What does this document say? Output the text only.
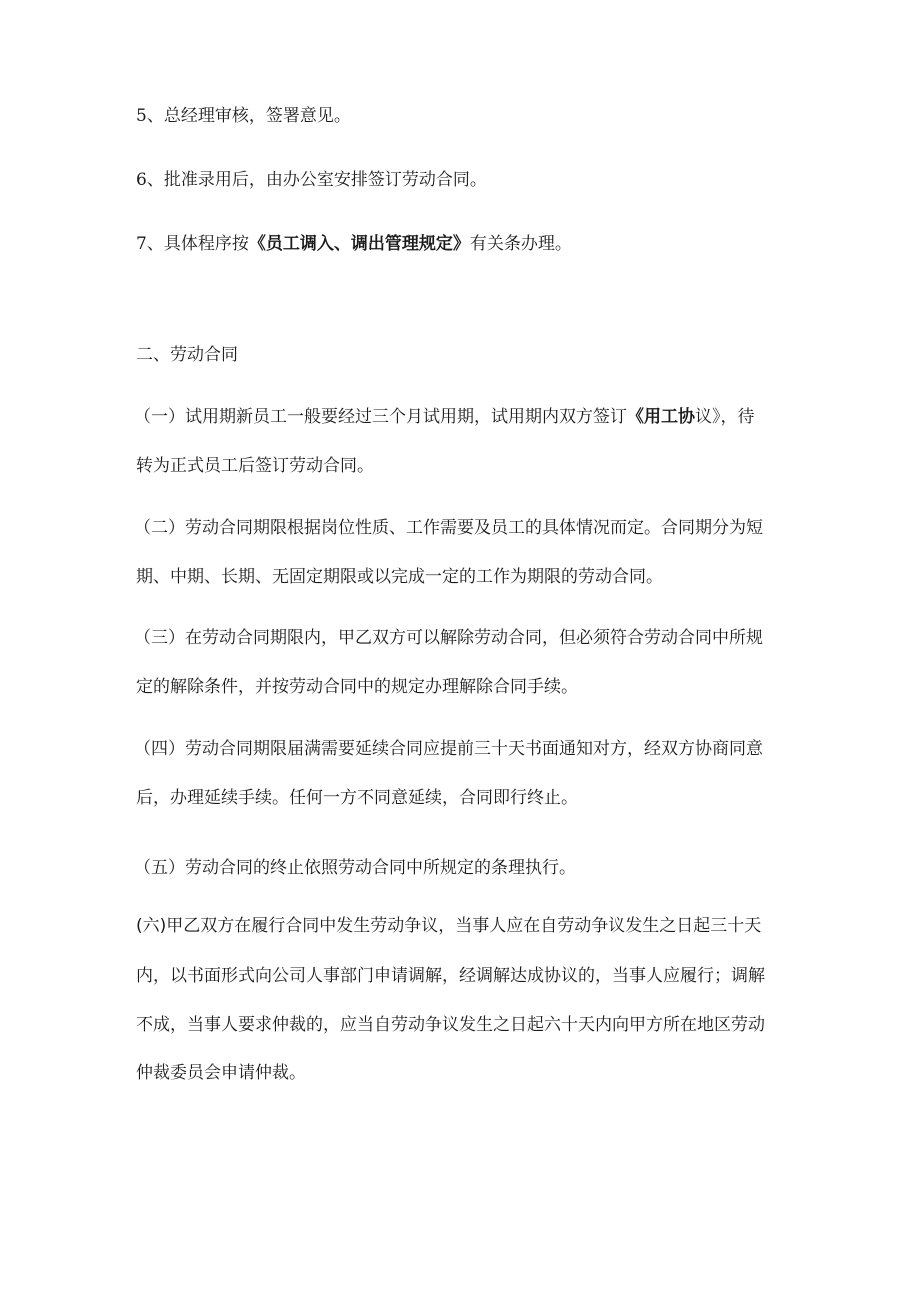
5、总经理审核，签署意见。
6、批准录用后，由办公室安排签订劳动合同。
7、具体程序按《员工调入、调出管理规定》有关条办理。
二、劳动合同
（一）试用期新员工一般要经过三个月试用期，试用期内双方签订《用工协议》，待
转为正式员工后签订劳动合同。
（二）劳动合同期限根据岗位性质、工作需要及员工的具体情况而定。合同期分为短
期、中期、长期、无固定期限或以完成一定的工作为期限的劳动合同。
（三）在劳动合同期限内，甲乙双方可以解除劳动合同，但必须符合劳动合同中所规
定的解除条件，并按劳动合同中的规定办理解除合同手续。
（四）劳动合同期限届满需要延续合同应提前三十天书面通知对方，经双方协商同意
后，办理延续手续。任何一方不同意延续，合同即行终止。
（五）劳动合同的终止依照劳动合同中所规定的条理执行。
(六)甲乙双方在履行合同中发生劳动争议，当事人应在自劳动争议发生之日起三十天
内，以书面形式向公司人事部门申请调解，经调解达成协议的，当事人应履行；调解
不成，当事人要求仲裁的，应当自劳动争议发生之日起六十天内向甲方所在地区劳动
仲裁委员会申请仲裁。
